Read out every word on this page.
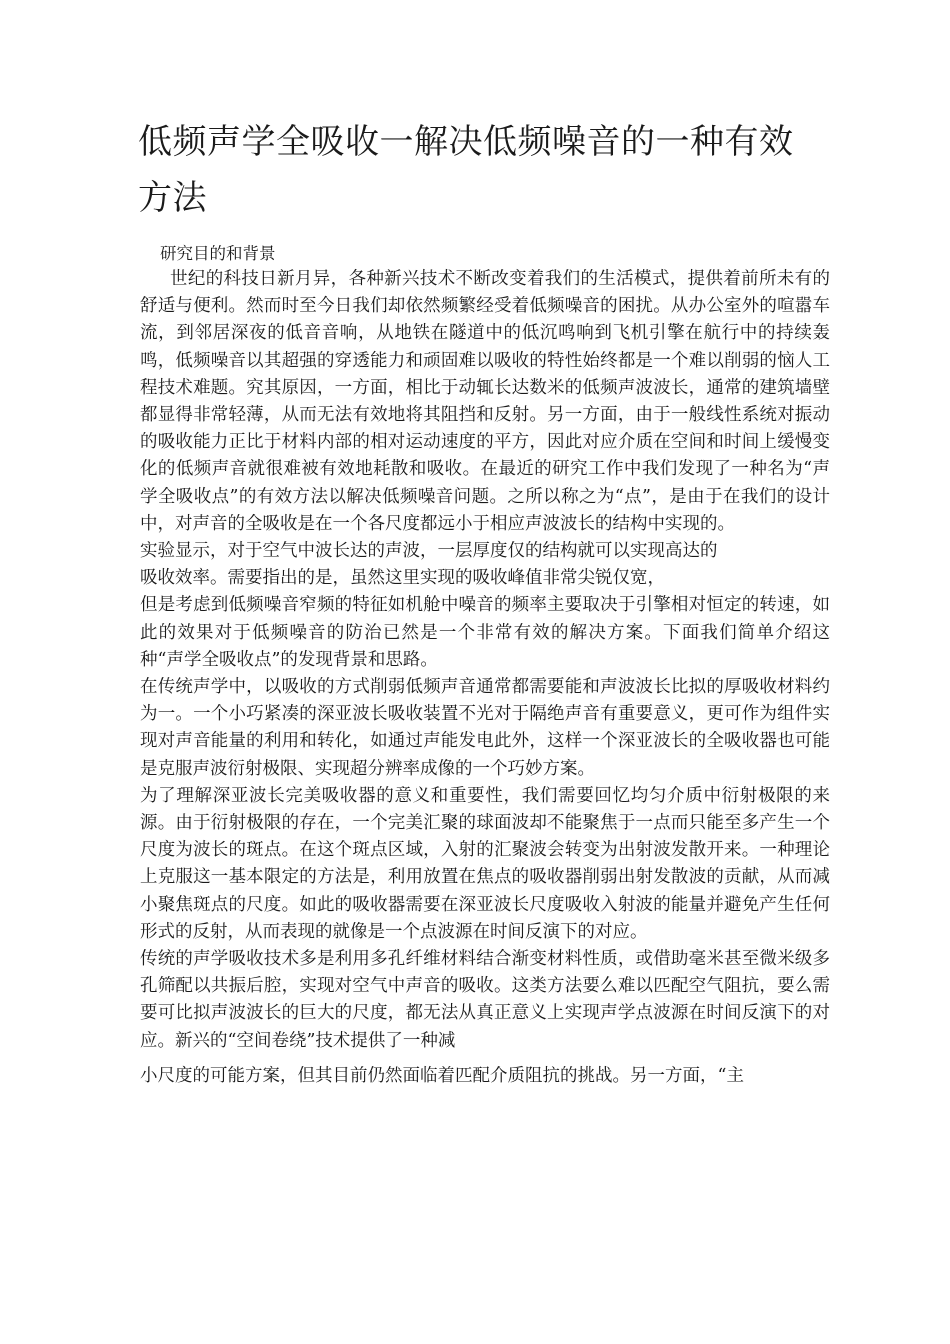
低频声学全吸收一解决低频噪音的一种有效方法
研究目的和背景

世纪的科技日新月异，各种新兴技术不断改变着我们的生活模式，提供着前所未有的舒适与便利。然而时至今日我们却依然频繁经受着低频噪音的困扰。从办公室外的喧嚣车流，到邻居深夜的低音音响，从地铁在隧道中的低沉鸣响到飞机引擎在航行中的持续轰鸣，低频噪音以其超强的穿透能力和顽固难以吸收的特性始终都是一个难以削弱的恼人工程技术难题。究其原因，一方面，相比于动辄长达数米的低频声波波长，通常的建筑墙壁都显得非常轻薄，从而无法有效地将其阻挡和反射。另一方面，由于一般线性系统对振动的吸收能力正比于材料内部的相对运动速度的平方，因此对应介质在空间和时间上缓慢变化的低频声音就很难被有效地耗散和吸收。在最近的研究工作中我们发现了一种名为“声学全吸收点”的有效方法以解决低频噪音问题。之所以称之为“点”，是由于在我们的设计中，对声音的全吸收是在一个各尺度都远小于相应声波波长的结构中实现的。

实验显示，对于空气中波长达的声波，一层厚度仅的结构就可以实现高达的

吸收效率。需要指出的是，虽然这里实现的吸收峰值非常尖锐仅宽，

但是考虑到低频噪音窄频的特征如机舱中噪音的频率主要取决于引擎相对恒定的转速，如此的效果对于低频噪音的防治已然是一个非常有效的解决方案。下面我们简单介绍这种“声学全吸收点”的发现背景和思路。

在传统声学中，以吸收的方式削弱低频声音通常都需要能和声波波长比拟的厚吸收材料约为一。一个小巧紧凑的深亚波长吸收装置不光对于隔绝声音有重要意义，更可作为组件实现对声音能量的利用和转化，如通过声能发电此外，这样一个深亚波长的全吸收器也可能是克服声波衍射极限、实现超分辨率成像的一个巧妙方案。

为了理解深亚波长完美吸收器的意义和重要性，我们需要回忆均匀介质中衍射极限的来源。由于衍射极限的存在，一个完美汇聚的球面波却不能聚焦于一点而只能至多产生一个尺度为波长的斑点。在这个斑点区域，入射的汇聚波会转变为出射波发散开来。一种理论上克服这一基本限定的方法是，利用放置在焦点的吸收器削弱出射发散波的贡献，从而减小聚焦斑点的尺度。如此的吸收器需要在深亚波长尺度吸收入射波的能量并避免产生任何形式的反射，从而表现的就像是一个点波源在时间反演下的对应。

传统的声学吸收技术多是利用多孔纤维材料结合渐变材料性质，或借助毫米甚至微米级多孔筛配以共振后腔，实现对空气中声音的吸收。这类方法要么难以匹配空气阻抗，要么需要可比拟声波波长的巨大的尺度，都无法从真正意义上实现声学点波源在时间反演下的对应。新兴的“空间卷绕”技术提供了一种减

小尺度的可能方案，但其目前仍然面临着匹配介质阻抗的挑战。另一方面，“主
